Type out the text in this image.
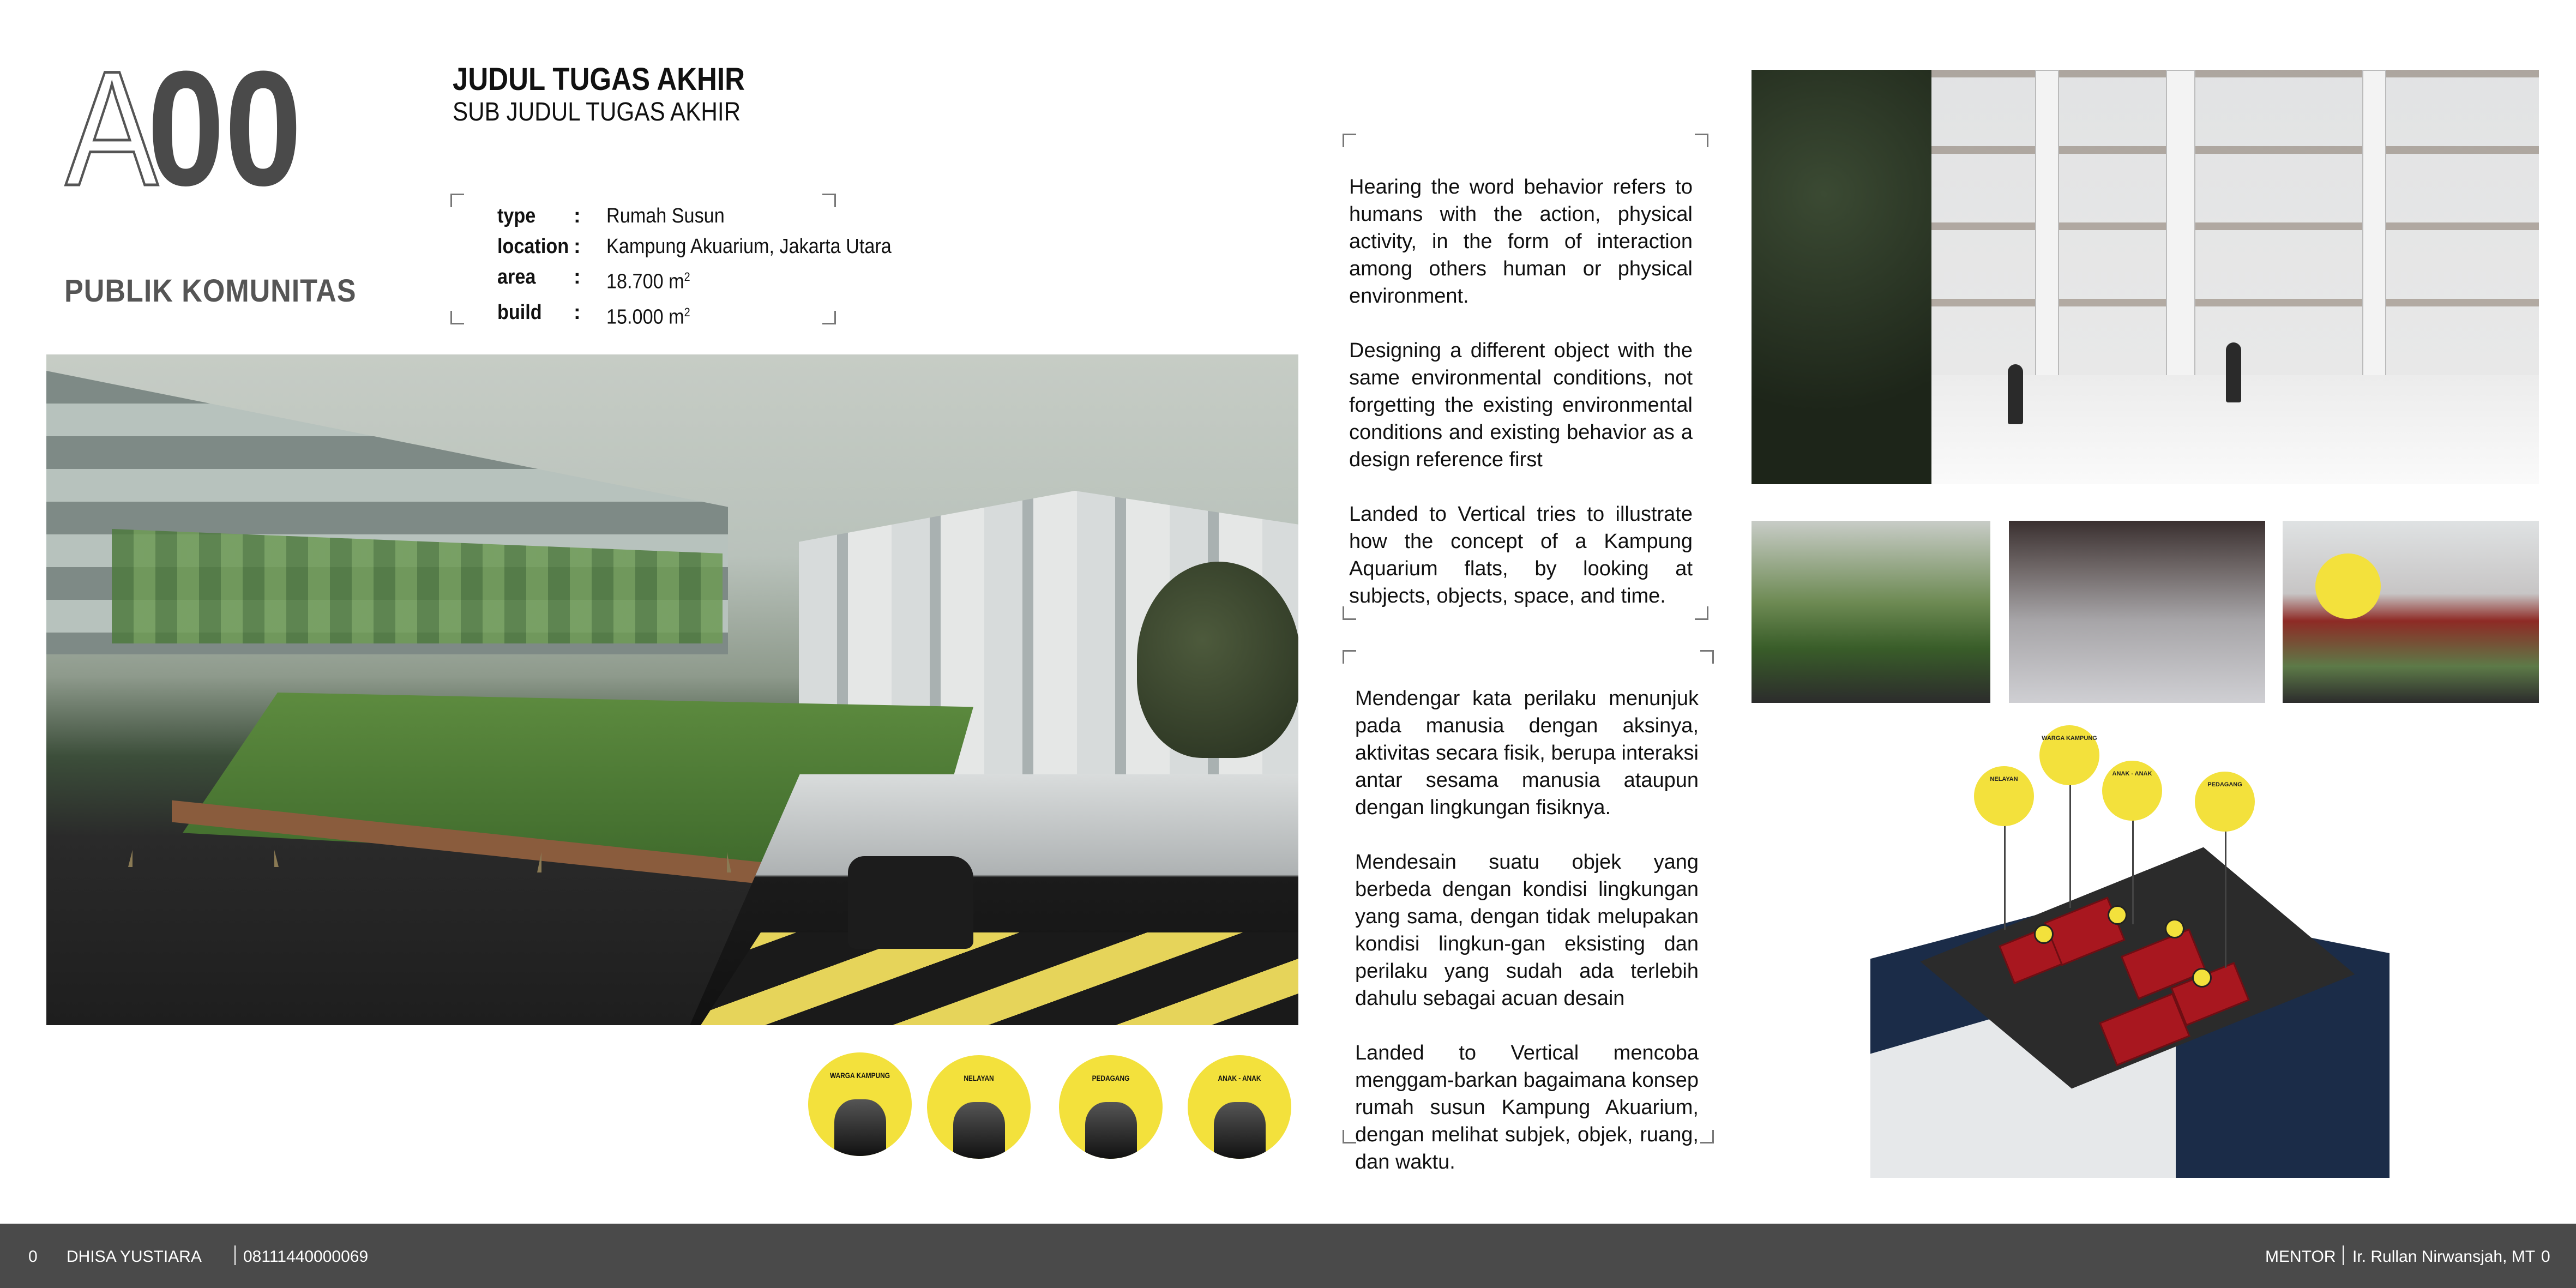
A
00
PUBLIK KOMUNITAS
JUDUL TUGAS AKHIR
SUB JUDUL TUGAS AKHIR
type	:	Rumah Susun
location :	Kampung Akuarium, Jakarta Utara
area	:	18.700 $m^2$
build	:	15.000 $m^2$
WARGA KAMPUNG	NELAYAN	PEDAGANG	ANAK - ANAK

Hearing the word behavior refers to humans with the action, physical activity, in the form of interaction among others human or physical environment.

Designing a different object with the same environmental conditions, not forgetting the existing environmental conditions and existing behavior as a design reference first

Landed to Vertical tries to illustrate how the concept of a Kampung Aquarium flats, by looking at subjects, objects, space, and time.

Mendengar kata perilaku menunjuk pada manusia dengan aksinya, aktivitas secara fisik, berupa interaksi antar sesama manusia ataupun dengan lingkungan fisiknya.

Mendesain suatu objek yang berbeda dengan kondisi lingkungan yang sama, dengan tidak melupakan kondisi lingkun-gan eksisting dan perilaku yang sudah ada terlebih dahulu sebagai acuan desain

Landed to Vertical mencoba menggam-barkan bagaimana konsep rumah susun Kampung Akuarium, dengan melihat subjek, objek, ruang, dan waktu.

NELAYAN
WARGA KAMPUNG
ANAK - ANAK
PEDAGANG
0 DHISA YUSTIARA	08111440000069	MENTOR Ir. Rullan Nirwansjah, MT 0
